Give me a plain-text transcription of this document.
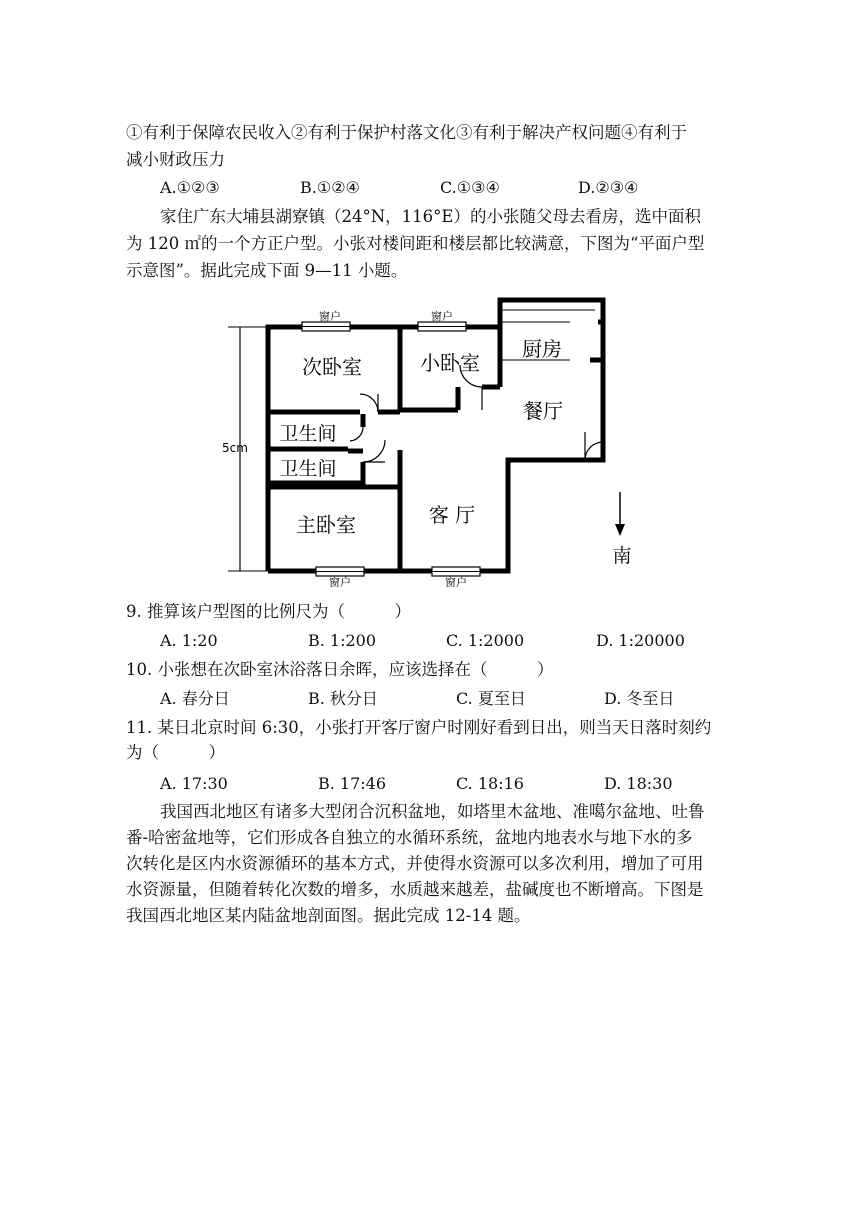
①有利于保障农民收入②有利于保护村落文化③有利于解决产权问题④有利于
减小财政压力
A.①②③	B.①②④	C.①③④	D.②③④
家住广东大埔县湖寮镇（24°N，116°E）的小张随父母去看房，选中面积
为 120 ㎡的一个方正户型。小张对楼间距和楼层都比较满意，下图为“平面户型
示意图”。据此完成下面 9—11 小题。
窗户	窗户
窗户	窗户
5cm
次卧室	小卧室
厨房
餐厅
卫生间
卫生间
主卧室	客 厅
南
9. 推算该户型图的比例尺为（　　　）
A. 1:20	B. 1:200	C. 1:2000	D. 1:20000
10. 小张想在次卧室沐浴落日余晖，应该选择在（　　　）
A. 春分日	B. 秋分日	C. 夏至日	D. 冬至日
11. 某日北京时间 6:30，小张打开客厅窗户时刚好看到日出，则当天日落时刻约
为（　　　）
A. 17:30	B. 17:46	C. 18:16	D. 18:30
我国西北地区有诸多大型闭合沉积盆地，如塔里木盆地、准噶尔盆地、吐鲁
番-哈密盆地等，它们形成各自独立的水循环系统，盆地内地表水与地下水的多
次转化是区内水资源循环的基本方式，并使得水资源可以多次利用，增加了可用
水资源量，但随着转化次数的增多，水质越来越差，盐碱度也不断增高。下图是
我国西北地区某内陆盆地剖面图。据此完成 12-14 题。
